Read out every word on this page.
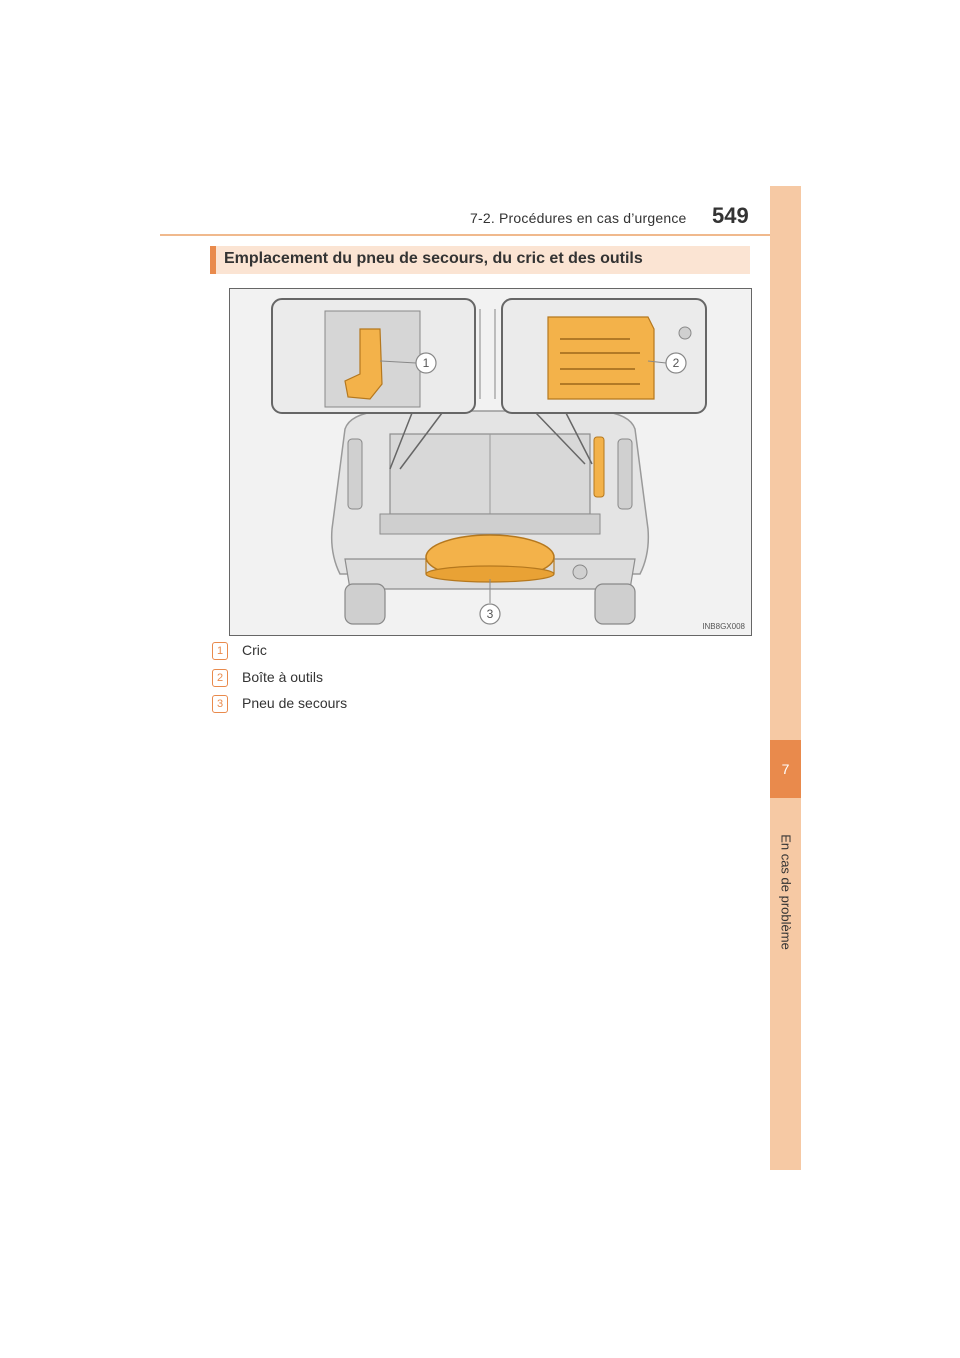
7-2. Procédures en cas d’urgence 549
7
En cas de problème
Emplacement du pneu de secours, du cric et des outils
1	2
3
INB8GX008
1	Cric
2	Boîte à outils
3	Pneu de secours
